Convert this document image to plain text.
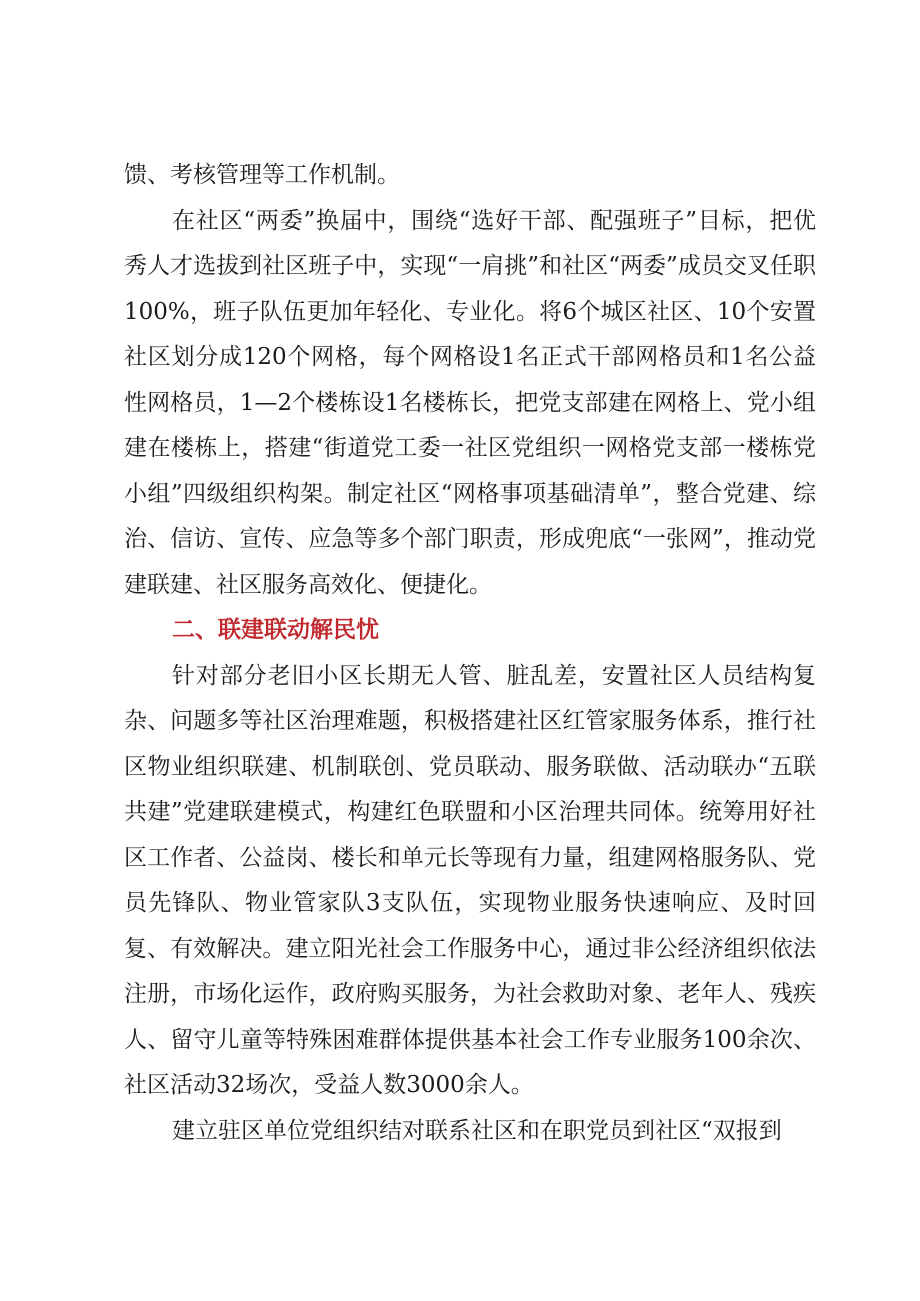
馈、考核管理等工作机制。

在社区“两委”换届中，围绕“选好干部、配强班子”目标，把优秀人才选拔到社区班子中，实现“一肩挑”和社区“两委”成员交叉任职100%，班子队伍更加年轻化、专业化。将6个城区社区、10个安置社区划分成120个网格，每个网格设1名正式干部网格员和1名公益性网格员，1—2个楼栋设1名楼栋长，把党支部建在网格上、党小组建在楼栋上，搭建“街道党工委一社区党组织一网格党支部一楼栋党小组”四级组织构架。制定社区“网格事项基础清单”，整合党建、综治、信访、宣传、应急等多个部门职责，形成兜底“一张网”，推动党建联建、社区服务高效化、便捷化。

二、联建联动解民忧

针对部分老旧小区长期无人管、脏乱差，安置社区人员结构复杂、问题多等社区治理难题，积极搭建社区红管家服务体系，推行社区物业组织联建、机制联创、党员联动、服务联做、活动联办“五联共建”党建联建模式，构建红色联盟和小区治理共同体。统筹用好社区工作者、公益岗、楼长和单元长等现有力量，组建网格服务队、党员先锋队、物业管家队3支队伍，实现物业服务快速响应、及时回复、有效解决。建立阳光社会工作服务中心，通过非公经济组织依法注册，市场化运作，政府购买服务，为社会救助对象、老年人、残疾人、留守儿童等特殊困难群体提供基本社会工作专业服务100余次、社区活动32场次，受益人数3000余人。

建立驻区单位党组织结对联系社区和在职党员到社区“双报到
